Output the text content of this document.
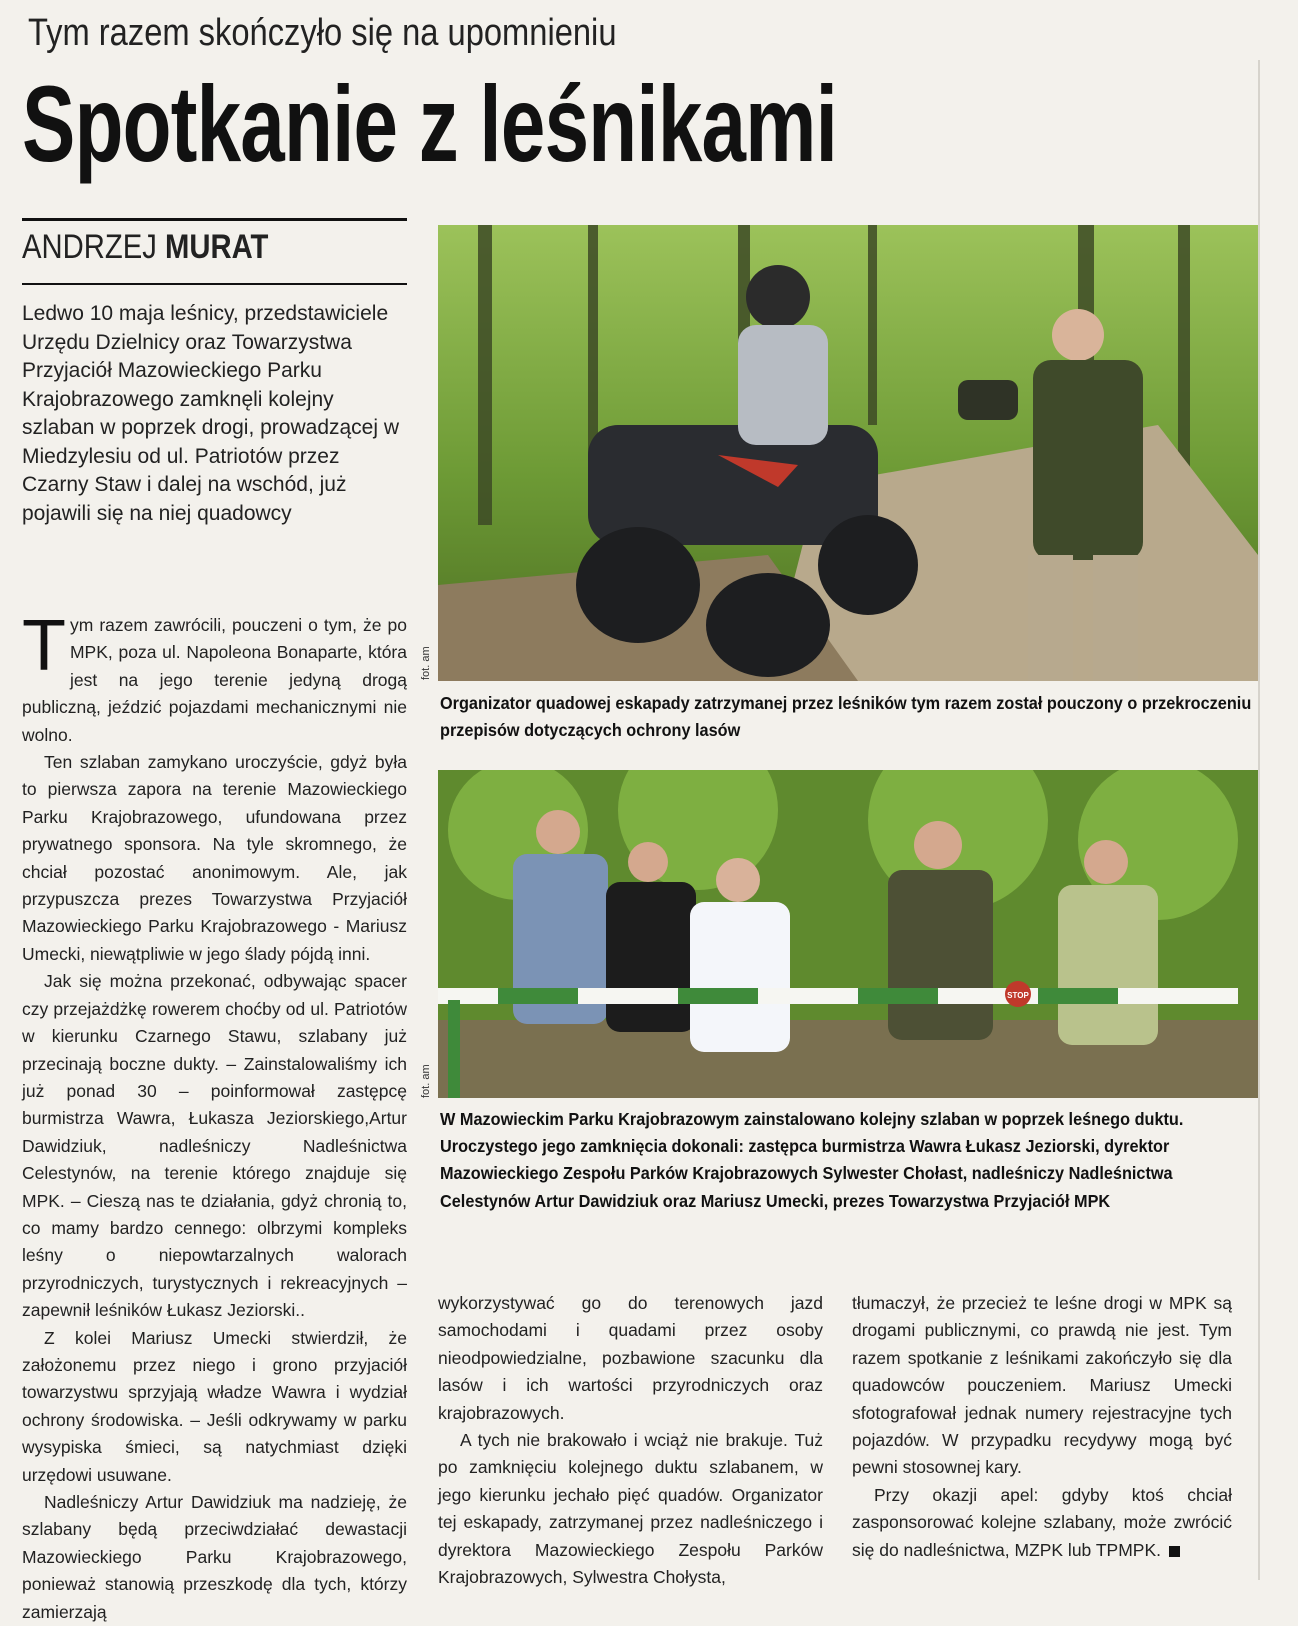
Tym razem skończyło się na upomnieniu
Spotkanie z leśnikami
ANDRZEJ MURAT
Ledwo 10 maja leśnicy, przedstawiciele Urzędu Dzielnicy oraz Towarzystwa Przyjaciół Mazowieckiego Parku Krajobrazowego zamknęli kolejny szlaban w poprzek drogi, prowadzącej w Miedzylesiu od ul. Patriotów przez Czarny Staw i dalej na wschód, już pojawili się na niej quadowcy

Tym razem zawrócili, pouczeni o tym, że po MPK, poza ul. Napoleona Bonaparte, która jest na jego terenie jedyną drogą publiczną, jeździć pojazdami mechanicznymi nie wolno.

Ten szlaban zamykano uroczyście, gdyż była to pierwsza zapora na terenie Mazowieckiego Parku Krajobrazowego, ufundowana przez prywatnego sponsora. Na tyle skromnego, że chciał pozostać anonimowym. Ale, jak przypuszcza prezes Towarzystwa Przyjaciół Mazowieckiego Parku Krajobrazowego - Mariusz Umecki, niewątpliwie w jego ślady pójdą inni.

Jak się można przekonać, odbywając spacer czy przejażdżkę rowerem choćby od ul. Patriotów w kierunku Czarnego Stawu, szlabany już przecinają boczne dukty. – Zainstalowaliśmy ich już ponad 30 – poinformował zastępcę burmistrza Wawra, Łukasza Jeziorskiego,Artur Dawidziuk, nadleśniczy Nadleśnictwa Celestynów, na terenie którego znajduje się MPK. – Cieszą nas te działania, gdyż chronią to, co mamy bardzo cennego: olbrzymi kompleks leśny o niepowtarzalnych walorach przyrodniczych, turystycznych i rekreacyjnych – zapewnił leśników Łukasz Jeziorski..

Z kolei Mariusz Umecki stwierdził, że założonemu przez niego i grono przyjaciół towarzystwu sprzyjają władze Wawra i wydział ochrony środowiska. – Jeśli odkrywamy w parku wysypiska śmieci, są natychmiast dzięki urzędowi usuwane.

Nadleśniczy Artur Dawidziuk ma nadzieję, że szlabany będą przeciwdziałać dewastacji Mazowieckiego Parku Krajobrazowego, ponieważ stanowią przeszkodę dla tych, którzy zamierzają

fot. am
Organizator quadowej eskapady zatrzymanej przez leśników tym razem został pouczony o przekroczeniu przepisów dotyczących ochrony lasów
STOP
fot. am
W Mazowieckim Parku Krajobrazowym zainstalowano kolejny szlaban w poprzek leśnego duktu. Uroczystego jego zamknięcia dokonali: zastępca burmistrza Wawra Łukasz Jeziorski, dyrektor Mazowieckiego Zespołu Parków Krajobrazowych Sylwester Chołast, nadleśniczy Nadleśnictwa Celestynów Artur Dawidziuk oraz Mariusz Umecki, prezes Towarzystwa Przyjaciół MPK

wykorzystywać go do terenowych jazd samochodami i quadami przez osoby nieodpowiedzialne, pozbawione szacunku dla lasów i ich wartości przyrodniczych oraz krajobrazowych.

A tych nie brakowało i wciąż nie brakuje. Tuż po zamknięciu kolejnego duktu szlabanem, w jego kierunku jechało pięć quadów. Organizator tej eskapady, zatrzymanej przez nadleśniczego i dyrektora Mazowieckiego Zespołu Parków Krajobrazowych, Sylwestra Chołysta,

tłumaczył, że przecież te leśne drogi w MPK są drogami publicznymi, co prawdą nie jest. Tym razem spotkanie z leśnikami zakończyło się dla quadowców pouczeniem. Mariusz Umecki sfotografował jednak numery rejestracyjne tych pojazdów. W przypadku recydywy mogą być pewni stosownej kary.

Przy okazji apel: gdyby ktoś chciał zasponsorować kolejne szlabany, może zwrócić się do nadleśnictwa, MZPK lub TPMPK.
